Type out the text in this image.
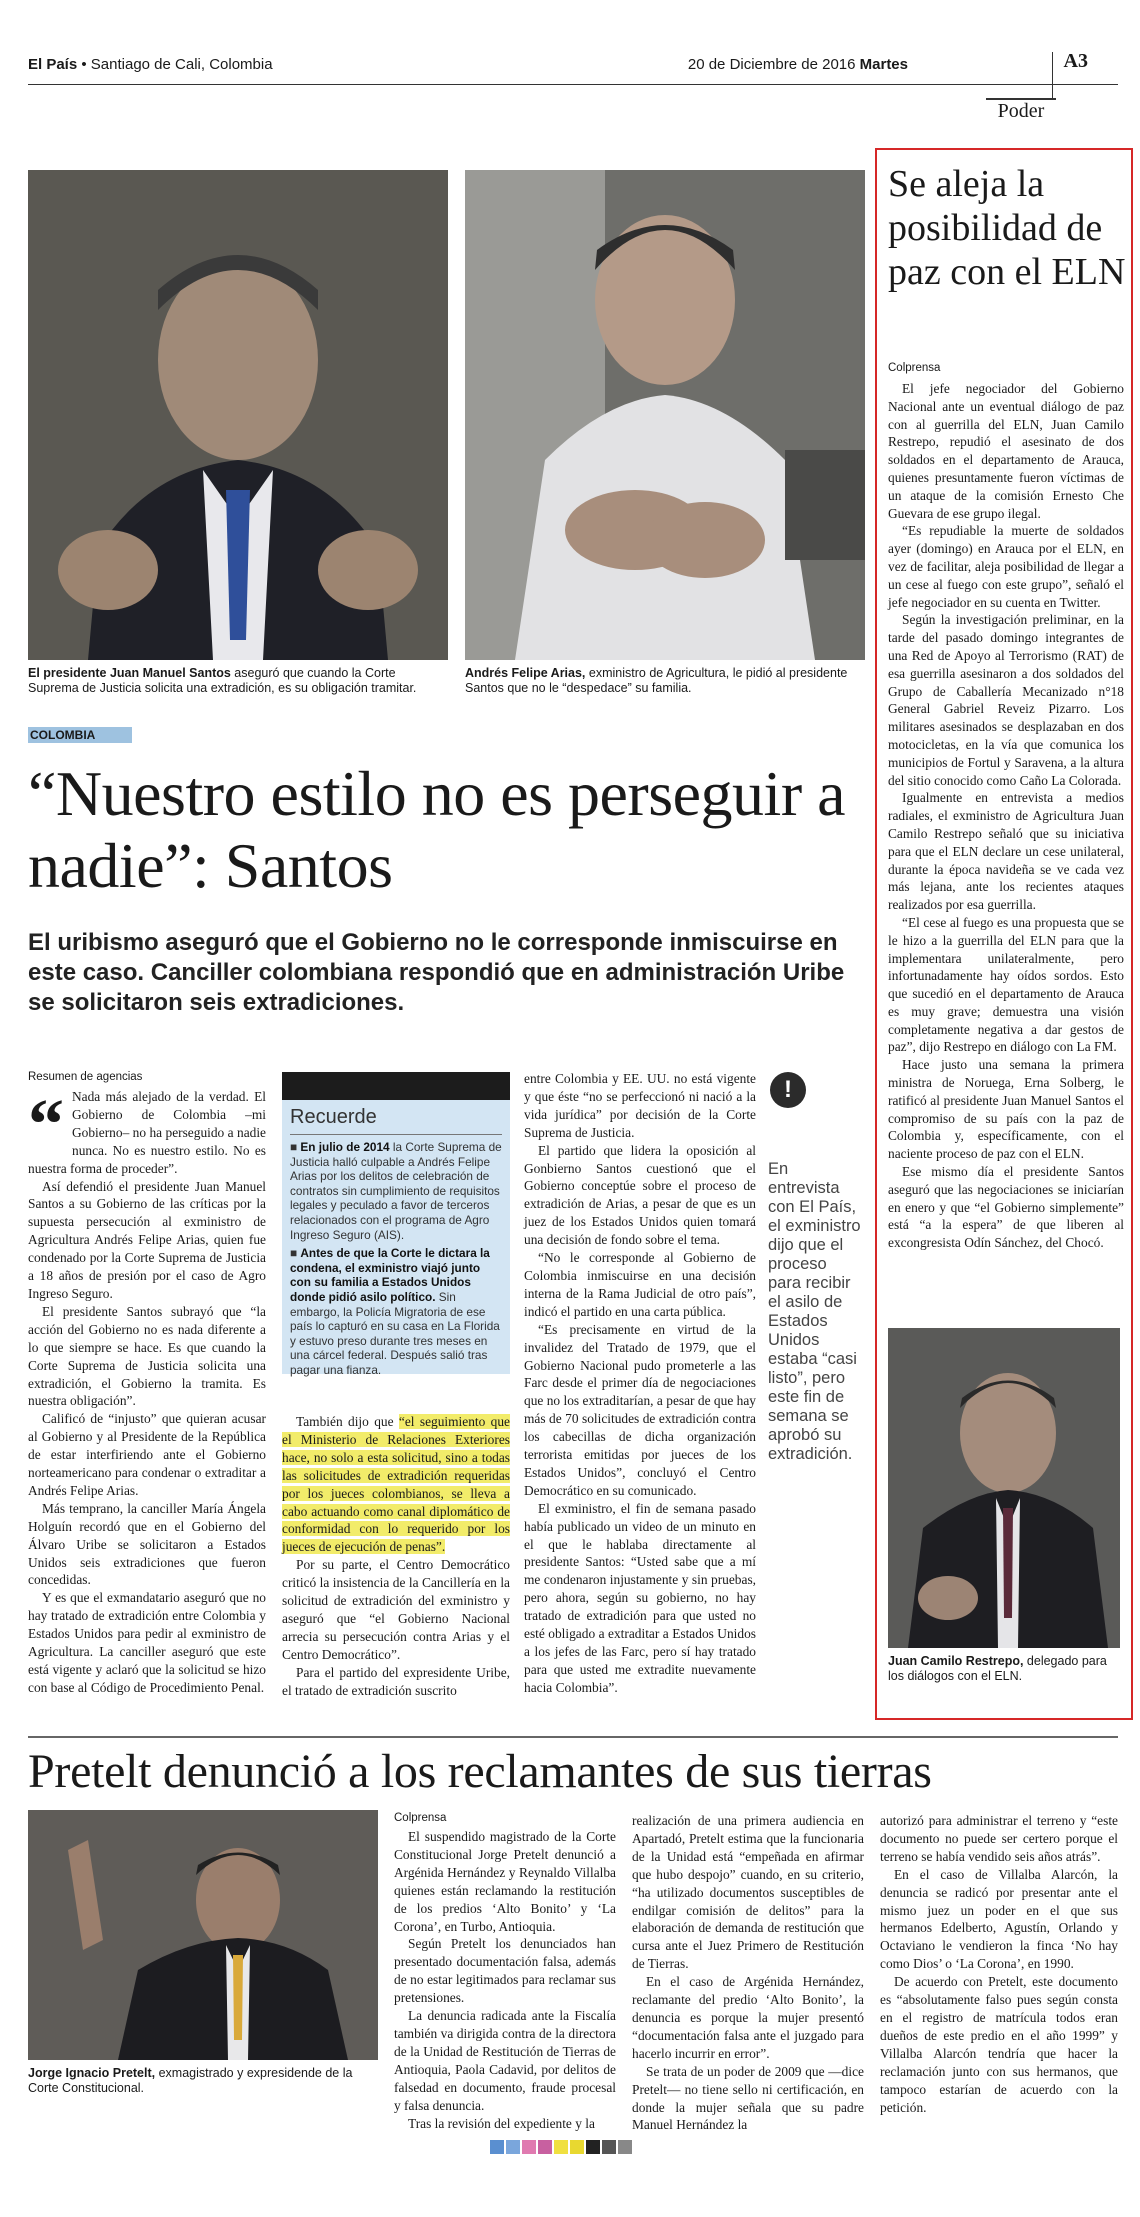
El País • Santiago de Cali, Colombia	20 de Diciembre de 2016 Martes	A3
Poder
El presidente Juan Manuel Santos aseguró que cuando la Corte Suprema de Justicia solicita una extradición, es su obligación tramitar.
Andrés Felipe Arias, exministro de Agricultura, le pidió al presidente Santos que no le “despedace” su familia.
COLOMBIA
“Nuestro estilo no es perseguir a nadie”: Santos
El uribismo aseguró que el Gobierno no le corresponde inmiscuirse en este caso. Canciller colombiana respondió que en administración Uribe se solicitaron seis extradiciones.
Resumen de agencias
“ Nada más alejado de la verdad. El Gobierno de Colombia –mi Gobierno– no ha perseguido a nadie nunca. No es nuestro estilo. No es nuestra forma de proceder”.

Así defendió el presidente Juan Manuel Santos a su Gobierno de las críticas por la supuesta persecución al exministro de Agricultura Andrés Felipe Arias, quien fue condenado por la Corte Suprema de Justicia a 18 años de presión por el caso de Agro Ingreso Seguro.

El presidente Santos subrayó que “la acción del Gobierno no es nada diferente a lo que siempre se hace. Es que cuando la Corte Suprema de Justicia solicita una extradición, el Gobierno la tramita. Es nuestra obligación”.

Calificó de “injusto” que quieran acusar al Gobierno y al Presidente de la República de estar interfiriendo ante el Gobierno norteamericano para condenar o extraditar a Andrés Felipe Arias.

Más temprano, la canciller María Ángela Holguín recordó que en el Gobierno del Álvaro Uribe se solicitaron a Estados Unidos seis extradiciones que fueron concedidas.

Y es que el exmandatario aseguró que no hay tratado de extradición entre Colombia y Estados Unidos para pedir al exministro de Agricultura. La canciller aseguró que este está vigente y aclaró que la solicitud se hizo con base al Código de Procedimiento Penal.

Recuerde

■ En julio de 2014 la Corte Suprema de Justicia halló culpable a Andrés Felipe Arias por los delitos de celebración de contratos sin cumplimiento de requisitos legales y peculado a favor de terceros relacionados con el programa de Agro Ingreso Seguro (AIS).

■ Antes de que la Corte le dictara la condena, el exministro viajó junto con su familia a Estados Unidos donde pidió asilo político. Sin embargo, la Policía Migratoria de ese país lo capturó en su casa en La Florida y estuvo preso durante tres meses en una cárcel federal. Después salió tras pagar una fianza.

También dijo que “el seguimiento que el Ministerio de Relaciones Exteriores hace, no solo a esta solicitud, sino a todas las solicitudes de extradición requeridas por los jueces colombianos, se lleva a cabo actuando como canal diplomático de conformidad con lo requerido por los jueces de ejecución de penas”.

Por su parte, el Centro Democrático criticó la insistencia de la Cancillería en la solicitud de extradición del exministro y aseguró que “el Gobierno Nacional arrecia su persecución contra Arias y el Centro Democrático”.

Para el partido del expresidente Uribe, el tratado de extradición suscrito

entre Colombia y EE. UU. no está vigente y que éste “no se perfeccionó ni nació a la vida jurídica” por decisión de la Corte Suprema de Justicia.

El partido que lidera la oposición al Gonbierno Santos cuestionó que el Gobierno conceptúe sobre el proceso de extradición de Arias, a pesar de que es un juez de los Estados Unidos quien tomará una decisión de fondo sobre el tema.

“No le corresponde al Gobierno de Colombia inmiscuirse en una decisión interna de la Rama Judicial de otro país”, indicó el partido en una carta pública.

“Es precisamente en virtud de la invalidez del Tratado de 1979, que el Gobierno Nacional pudo prometerle a las Farc desde el primer día de negociaciones que no los extraditarían, a pesar de que hay más de 70 solicitudes de extradición contra los cabecillas de dicha organización terrorista emitidas por jueces de los Estados Unidos”, concluyó el Centro Democrático en su comunicado.

El exministro, el fin de semana pasado había publicado un video de un minuto en el que le hablaba directamente al presidente Santos: “Usted sabe que a mí me condenaron injustamente y sin pruebas, pero ahora, según su gobierno, no hay tratado de extradición para que usted no esté obligado a extraditar a Estados Unidos a los jefes de las Farc, pero sí hay tratado para que usted me extradite nuevamente hacia Colombia”.

!
En entrevista con El País, el exministro dijo que el proceso para recibir el asilo de Estados Unidos estaba “casi listo”, pero este fin de semana se aprobó su extradición.
Se aleja la posibilidad de paz con el ELN
Colprensa

El jefe negociador del Gobierno Nacional ante un eventual diálogo de paz con al guerrilla del ELN, Juan Camilo Restrepo, repudió el asesinato de dos soldados en el departamento de Arauca, quienes presuntamente fueron víctimas de un ataque de la comisión Ernesto Che Guevara de ese grupo ilegal.

“Es repudiable la muerte de soldados ayer (domingo) en Arauca por el ELN, en vez de facilitar, aleja posibilidad de llegar a un cese al fuego con este grupo”, señaló el jefe negociador en su cuenta en Twitter.

Según la investigación preliminar, en la tarde del pasado domingo integrantes de una Red de Apoyo al Terrorismo (RAT) de esa guerrilla asesinaron a dos soldados del Grupo de Caballería Mecanizado n°18 General Gabriel Reveiz Pizarro. Los militares asesinados se desplazaban en dos motocicletas, en la vía que comunica los municipios de Fortul y Saravena, a la altura del sitio conocido como Caño La Colorada.

Igualmente en entrevista a medios radiales, el exministro de Agricultura Juan Camilo Restrepo señaló que su iniciativa para que el ELN declare un cese unilateral, durante la época navideña se ve cada vez más lejana, ante los recientes ataques realizados por esa guerrilla.

“El cese al fuego es una propuesta que se le hizo a la guerrilla del ELN para que la implementara unilateralmente, pero infortunadamente hay oídos sordos. Esto que sucedió en el departamento de Arauca es muy grave; demuestra una visión completamente negativa a dar gestos de paz”, dijo Restrepo en diálogo con La FM.

Hace justo una semana la primera ministra de Noruega, Erna Solberg, le ratificó al presidente Juan Manuel Santos el compromiso de su país con la paz de Colombia y, específicamente, con el naciente proceso de paz con el ELN.

Ese mismo día el presidente Santos aseguró que las negociaciones se iniciarían en enero y que “el Gobierno simplemente” está “a la espera” de que liberen al excongresista Odín Sánchez, del Chocó.

Juan Camilo Restrepo, delegado para los diálogos con el ELN.
Pretelt denunció a los reclamantes de sus tierras
Jorge Ignacio Pretelt, exmagistrado y expresidende de la Corte Constitucional.
Colprensa

El suspendido magistrado de la Corte Constitucional Jorge Pretelt denunció a Argénida Hernández y Reynaldo Villalba quienes están reclamando la restitución de los predios ‘Alto Bonito’ y ‘La Corona’, en Turbo, Antioquia.

Según Pretelt los denunciados han presentado documentación falsa, además de no estar legitimados para reclamar sus pretensiones.

La denuncia radicada ante la Fiscalía también va dirigida contra de la directora de la Unidad de Restitución de Tierras de Antioquia, Paola Cadavid, por delitos de falsedad en documento, fraude procesal y falsa denuncia.

Tras la revisión del expediente y la

realización de una primera audiencia en Apartadó, Pretelt estima que la funcionaria de la Unidad está “empeñada en afirmar que hubo despojo” cuando, en su criterio, “ha utilizado documentos susceptibles de endilgar comisión de delitos” para la elaboración de demanda de restitución que cursa ante el Juez Primero de Restitución de Tierras.

En el caso de Argénida Hernández, reclamante del predio ‘Alto Bonito’, la denuncia es porque la mujer presentó “documentación falsa ante el juzgado para hacerlo incurrir en error”.

Se trata de un poder de 2009 que —dice Pretelt— no tiene sello ni certificación, en donde la mujer señala que su padre Manuel Hernández la

autorizó para administrar el terreno y “este documento no puede ser certero porque el terreno se había vendido seis años atrás”.

En el caso de Villalba Alarcón, la denuncia se radicó por presentar ante el mismo juez un poder en el que sus hermanos Edelberto, Agustín, Orlando y Octaviano le vendieron la finca ‘No hay como Dios’ o ‘La Corona’, en 1990.

De acuerdo con Pretelt, este documento es “absolutamente falso pues según consta en el registro de matrícula todos eran dueños de este predio en el año 1999” y Villalba Alarcón tendría que hacer la reclamación junto con sus hermanos, que tampoco estarían de acuerdo con la petición.
